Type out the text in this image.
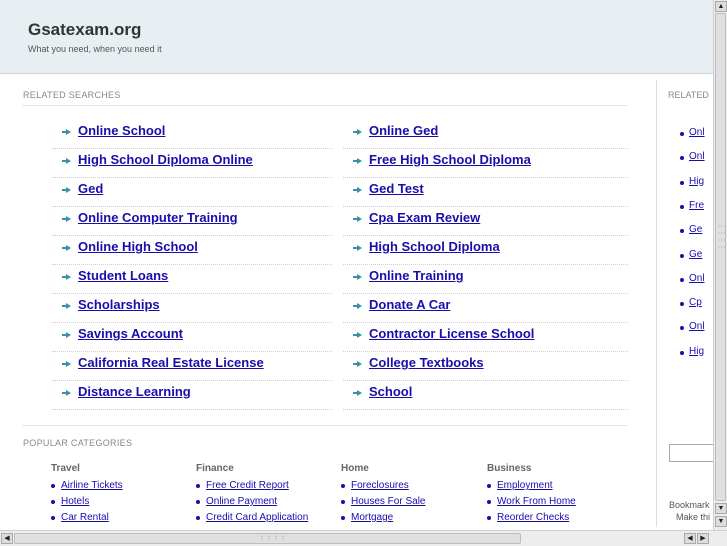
Gsatexam.org
What you need, when you need it
RELATED SEARCHES
Online School
High School Diploma Online
Ged
Online Computer Training
Online High School
Student Loans
Scholarships
Savings Account
California Real Estate License
Distance Learning
Online Ged
Free High School Diploma
Ged Test
Cpa Exam Review
High School Diploma
Online Training
Donate A Car
Contractor License School
College Textbooks
School
POPULAR CATEGORIES
Travel
Airline Tickets
Hotels
Car Rental
Finance
Free Credit Report
Online Payment
Credit Card Application
Home
Foreclosures
Houses For Sale
Mortgage
Business
Employment
Work From Home
Reorder Checks
RELATED
Onl
Onl
Hig
Fre
Ge
Ge
Onl
Cp
Onl
Hig
Bookmark
Make thi
▲
⋮⋮⋮⋮
▼
▼
◀	⋮⋮⋮⋮	◀	▶
